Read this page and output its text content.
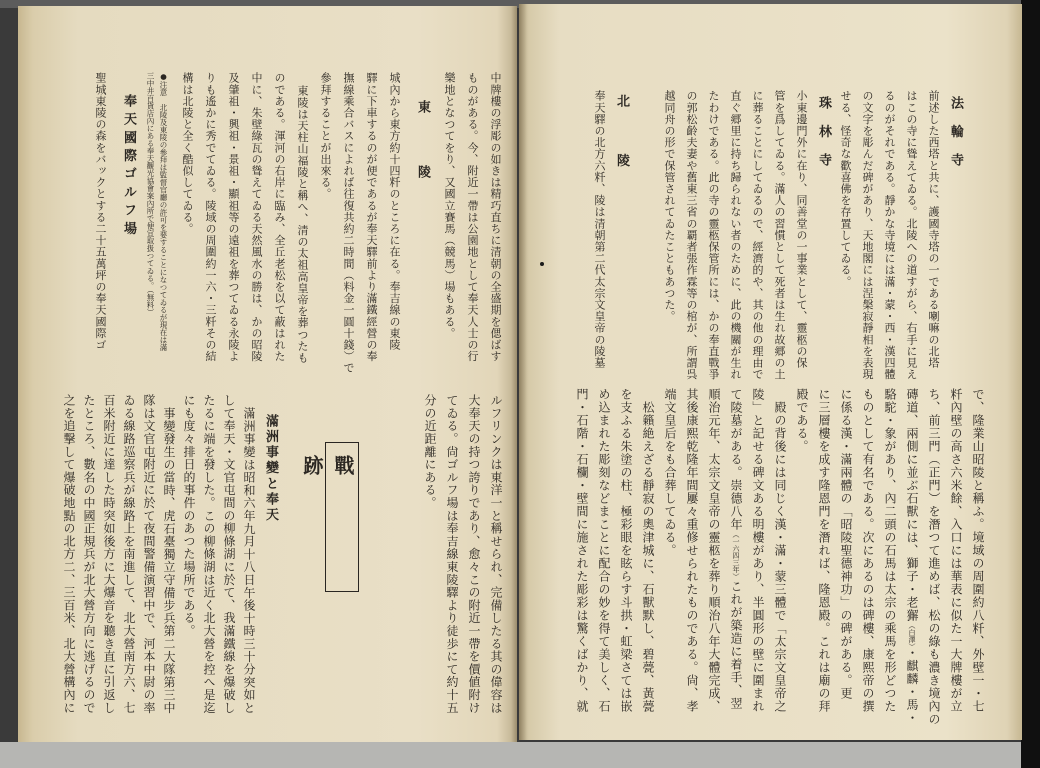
中牌樓の浮彫の如きは精巧直ちに清朝の全盛期を偲ばす

ものがある。今、附近一帶は公園地として奉天人士の行

樂地となつてをり、又國立賽馬（競馬）場もある。

東陵

城內から東方約十四粁のところに在る。奉吉線の東陵

驛に下車するのが便であるが奉天驛前より滿鐵經營の奉

撫線乘合バスによれば往復共約二時間（料金一圓十錢）で

參拜することが出來る。

東陵は天柱山福陵と稱へ、清の太祖高皇帝を葬つたも

のである。渾河の右岸に臨み、全丘老松を以て蔽はれた

中に、朱壁綠瓦の聳えてゐる天然風水の勝は、かの昭陵

及肇祖・興祖・景祖・顯祖等の遠祖を葬つてゐる永陵よ

りも遙かに秀でてゐる。陵域の周圍約一六・三粁その結

構は北陵と全く酷似してゐる。

●注意　北陵及東陵の參拜は監督官廳の許可を要することになつてゐるが現在は滿

三中井百貨店內にある奉天觀光協會案內所で便宜取扱つてゐる。（無料）

奉天國際ゴルフ場

聖城東陵の森をバックとする二十五萬坪の奉天國際ゴ

ルフリンクは東洋一と稱せられ、完備したる其の偉容は

大奉天の持つ誇りであり、愈々この附近一帶を價値附け

てゐる。尙ゴルフ場は奉吉線東陵驛より徒歩にて約十五

分の近距離にある。

戰跡

滿洲事變と奉天

滿洲事變は昭和六年九月十八日午後十時三十分突如と

して奉天・文官屯間の柳條湖に於て、我滿鐵線を爆破し

たるに端を發した。この柳條湖は近く北大營を控へ是迄

にも度々排日的事件のあつた場所である。

事變發生の當時、虎石臺獨立守備步兵第二大隊第三中

隊は文官屯附近に於て夜間警備演習中で、河本中尉の率

ゐる線路巡察兵が線路上を南進して、北大營南方六、七

百米附近に達した時突如後方に大爆音を聽き直に引返し

たところ、數名の中國正規兵が北大營方向に逃げるので

之を追撃して爆破地點の北方二、三百米、北大營構內に

法輪寺

前述した西塔と共に、護國寺塔の一である喇嘛の北塔

はこの寺に聳えてゐる。北陵への道すがら、右手に見え

るのがそれである。靜かな寺境には滿・蒙・西・漢四體

の文字を彫んだ碑があり、天地閣には涅槃寂靜相を表現

せる、怪奇な歡喜佛を存置してゐる。

珠林寺

小東邊門外に在り、同善堂の一事業として、靈柩の保

管を爲してゐる。滿人の習慣として死者は生れ故郷の土

に葬ることにしてゐるので、經濟的や、其の他の理由で

直ぐ郷里に持ち歸られない者のために、此の機關が生れ

たわけである。此の寺の靈柩保管所には、かの奉直戰爭

の郭松齡夫妻や舊東三省の覇者張作霖等の棺が、所謂呉

越同舟の形で保管されてゐたこともあつた。

北陵

奉天驛の北方六粁、陵は清朝第二代太宗文皇帝の陵墓

で、隆業山昭陵と稱ふ。境域の周圍約八粁、外壁一・七

粁內壁の高さ六米餘、入口には華表に似た一大牌樓が立

ち、前三門（正門）を潛つて進めば、松の綠も濃き境內の

磚道、兩側に並ぶ石獸には、獅子・老獬（白澤）・麒麟・馬・

駱駝・象があり、內二頭の石馬は太宗の乘馬を形どつた

ものとして有名である。次にあるのは碑樓、康熙帝の撰

に係る漢・滿兩體の「昭陵聖德神功」の碑がある。更

に三層樓を成す隆恩門を潛れば、隆恩殿。これは廟の拜

殿である。

殿の背後には同じく漢・滿・蒙三體で「太宗文皇帝之

陵」と記せる碑文ある明樓があり、半圓形の壁に圍まれ

て陵墓がある。崇德八年（一六四三年）これが築造に着手、翌

順治元年、太宗文皇帝の靈柩を葬り順治八年大體完成、

其後康熙乾隆年間屢々重修せられたものである。尙、孝

端文皇后をも合葬してゐる。

松籟絶えざる靜寂の奧津城に、石獸默し、碧甍、黃甍

を支ふる朱塗の柱、極彩眼を眩らす斗拱・虹梁さては嵌

め込まれた彫刻などまことに配合の妙を得て美しく、石

門・石階・石欄・壁間に施された彫彩は驚くばかり、就
